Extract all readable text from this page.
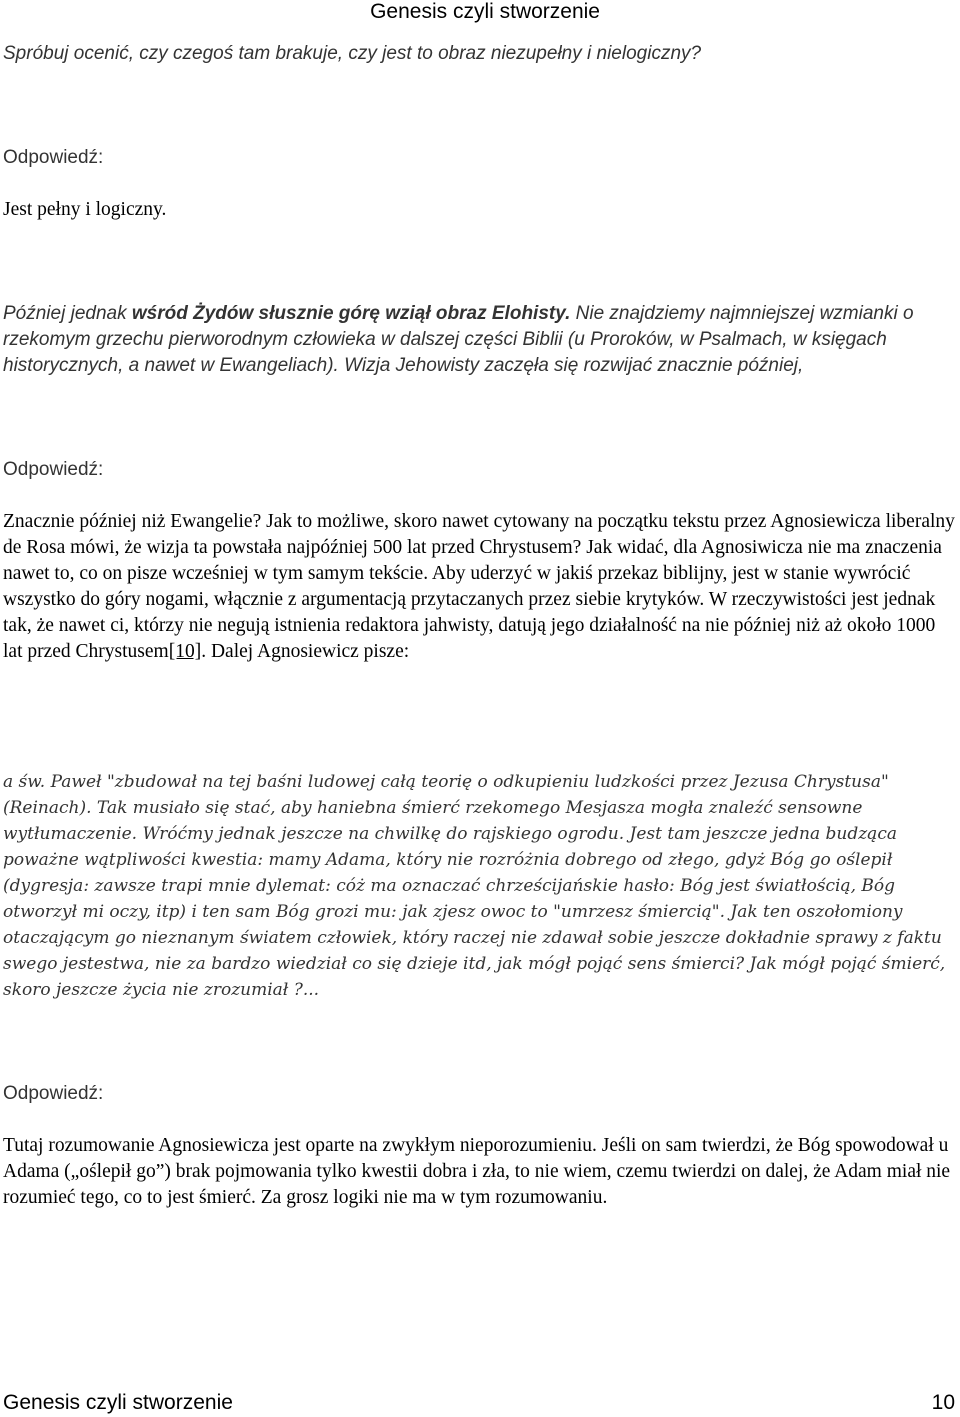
Genesis czyli stworzenie
Spróbuj ocenić, czy czegoś tam brakuje, czy jest to obraz niezupełny i nielogiczny?
Odpowiedź:
Jest pełny i logiczny.
Później jednak wśród Żydów słusznie górę wziął obraz Elohisty. Nie znajdziemy najmniejszej wzmianki o rzekomym grzechu pierworodnym człowieka w dalszej części Biblii (u Proroków, w Psalmach, w księgach historycznych, a nawet w Ewangeliach). Wizja Jehowisty zaczęła się rozwijać znacznie później,
Odpowiedź:
Znacznie później niż Ewangelie? Jak to możliwe, skoro nawet cytowany na początku tekstu przez Agnosiewicza liberalny de Rosa mówi, że wizja ta powstała najpóźniej 500 lat przed Chrystusem? Jak widać, dla Agnosiwicza nie ma znaczenia nawet to, co on pisze wcześniej w tym samym tekście. Aby uderzyć w jakiś przekaz biblijny, jest w stanie wywrócić wszystko do góry nogami, włącznie z argumentacją przytaczanych przez siebie krytyków. W rzeczywistości jest jednak tak, że nawet ci, którzy nie negują istnienia redaktora jahwisty, datują jego działalność na nie później niż aż około 1000 lat przed Chrystusem[10]. Dalej Agnosiewicz pisze:
a św. Paweł "zbudował na tej baśni ludowej całą teorię o odkupieniu ludzkości przez Jezusa Chrystusa" (Reinach). Tak musiało się stać, aby haniebna śmierć rzekomego Mesjasza mogła znaleźć sensowne wytłumaczenie. Wróćmy jednak jeszcze na chwilkę do rajskiego ogrodu. Jest tam jeszcze jedna budząca poważne wątpliwości kwestia: mamy Adama, który nie rozróżnia dobrego od złego, gdyż Bóg go oślepił (dygresja: zawsze trapi mnie dylemat: cóż ma oznaczać chrześcijańskie hasło: Bóg jest światłością, Bóg otworzył mi oczy, itp) i ten sam Bóg grozi mu: jak zjesz owoc to "umrzesz śmiercią". Jak ten oszołomiony otaczającym go nieznanym światem człowiek, który raczej nie zdawał sobie jeszcze dokładnie sprawy z faktu swego jestestwa, nie za bardzo wiedział co się dzieje itd, jak mógł pojąć sens śmierci? Jak mógł pojąć śmierć, skoro jeszcze życia nie zrozumiał ?...
Odpowiedź:
Tutaj rozumowanie Agnosiewicza jest oparte na zwykłym nieporozumieniu. Jeśli on sam twierdzi, że Bóg spowodował u Adama („oślepił go”) brak pojmowania tylko kwestii dobra i zła, to nie wiem, czemu twierdzi on dalej, że Adam miał nie rozumieć tego, co to jest śmierć. Za grosz logiki nie ma w tym rozumowaniu.
Genesis czyli stworzenie	10
